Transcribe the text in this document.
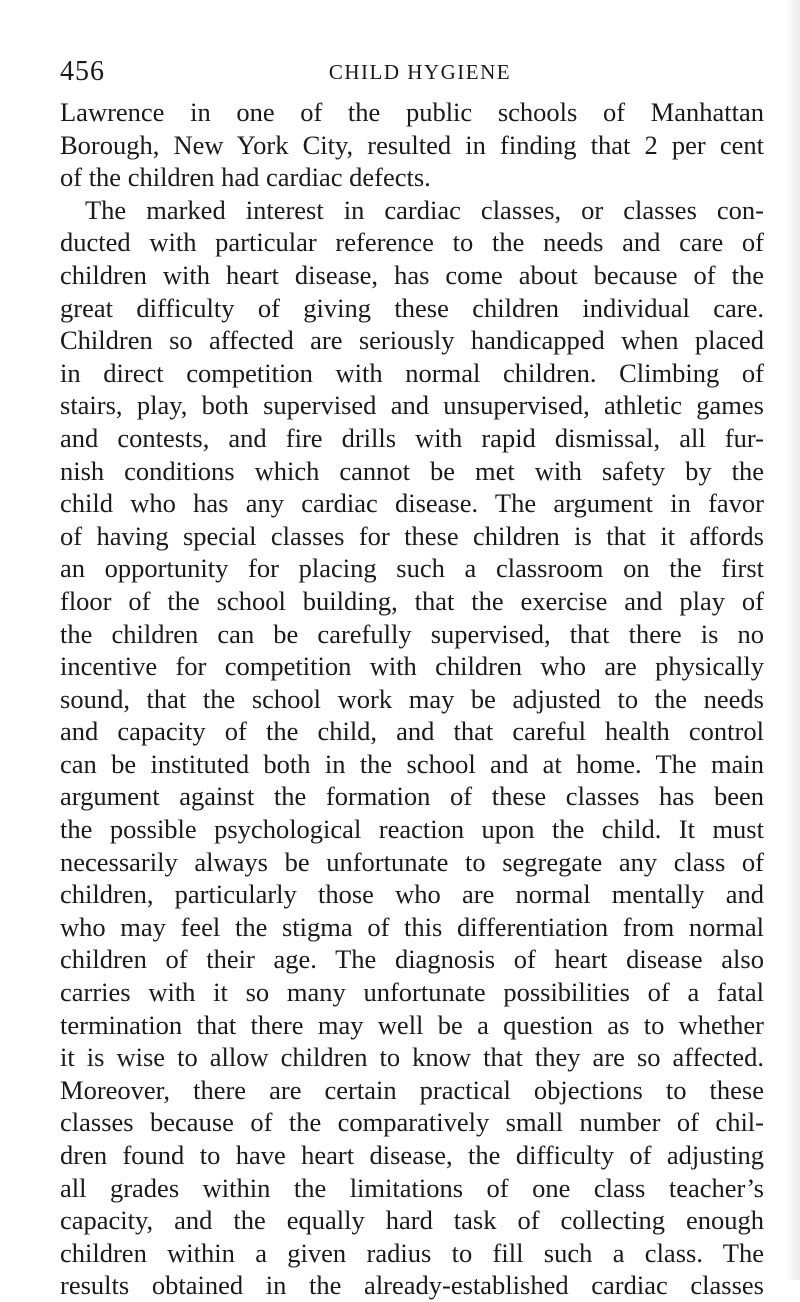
456	CHILD HYGIENE
Lawrence in one of the public schools of Manhattan
Borough, New York City, resulted in finding that 2 per cent
of the children had cardiac defects.
The marked interest in cardiac classes, or classes con-
ducted with particular reference to the needs and care of
children with heart disease, has come about because of the
great difficulty of giving these children individual care.
Children so affected are seriously handicapped when placed
in direct competition with normal children. Climbing of
stairs, play, both supervised and unsupervised, athletic games
and contests, and fire drills with rapid dismissal, all fur-
nish conditions which cannot be met with safety by the
child who has any cardiac disease. The argument in favor
of having special classes for these children is that it affords
an opportunity for placing such a classroom on the first
floor of the school building, that the exercise and play of
the children can be carefully supervised, that there is no
incentive for competition with children who are physically
sound, that the school work may be adjusted to the needs
and capacity of the child, and that careful health control
can be instituted both in the school and at home. The main
argument against the formation of these classes has been
the possible psychological reaction upon the child. It must
necessarily always be unfortunate to segregate any class of
children, particularly those who are normal mentally and
who may feel the stigma of this differentiation from normal
children of their age. The diagnosis of heart disease also
carries with it so many unfortunate possibilities of a fatal
termination that there may well be a question as to whether
it is wise to allow children to know that they are so affected.
Moreover, there are certain practical objections to these
classes because of the comparatively small number of chil-
dren found to have heart disease, the difficulty of adjusting
all grades within the limitations of one class teacher’s
capacity, and the equally hard task of collecting enough
children within a given radius to fill such a class. The
results obtained in the already-established cardiac classes
